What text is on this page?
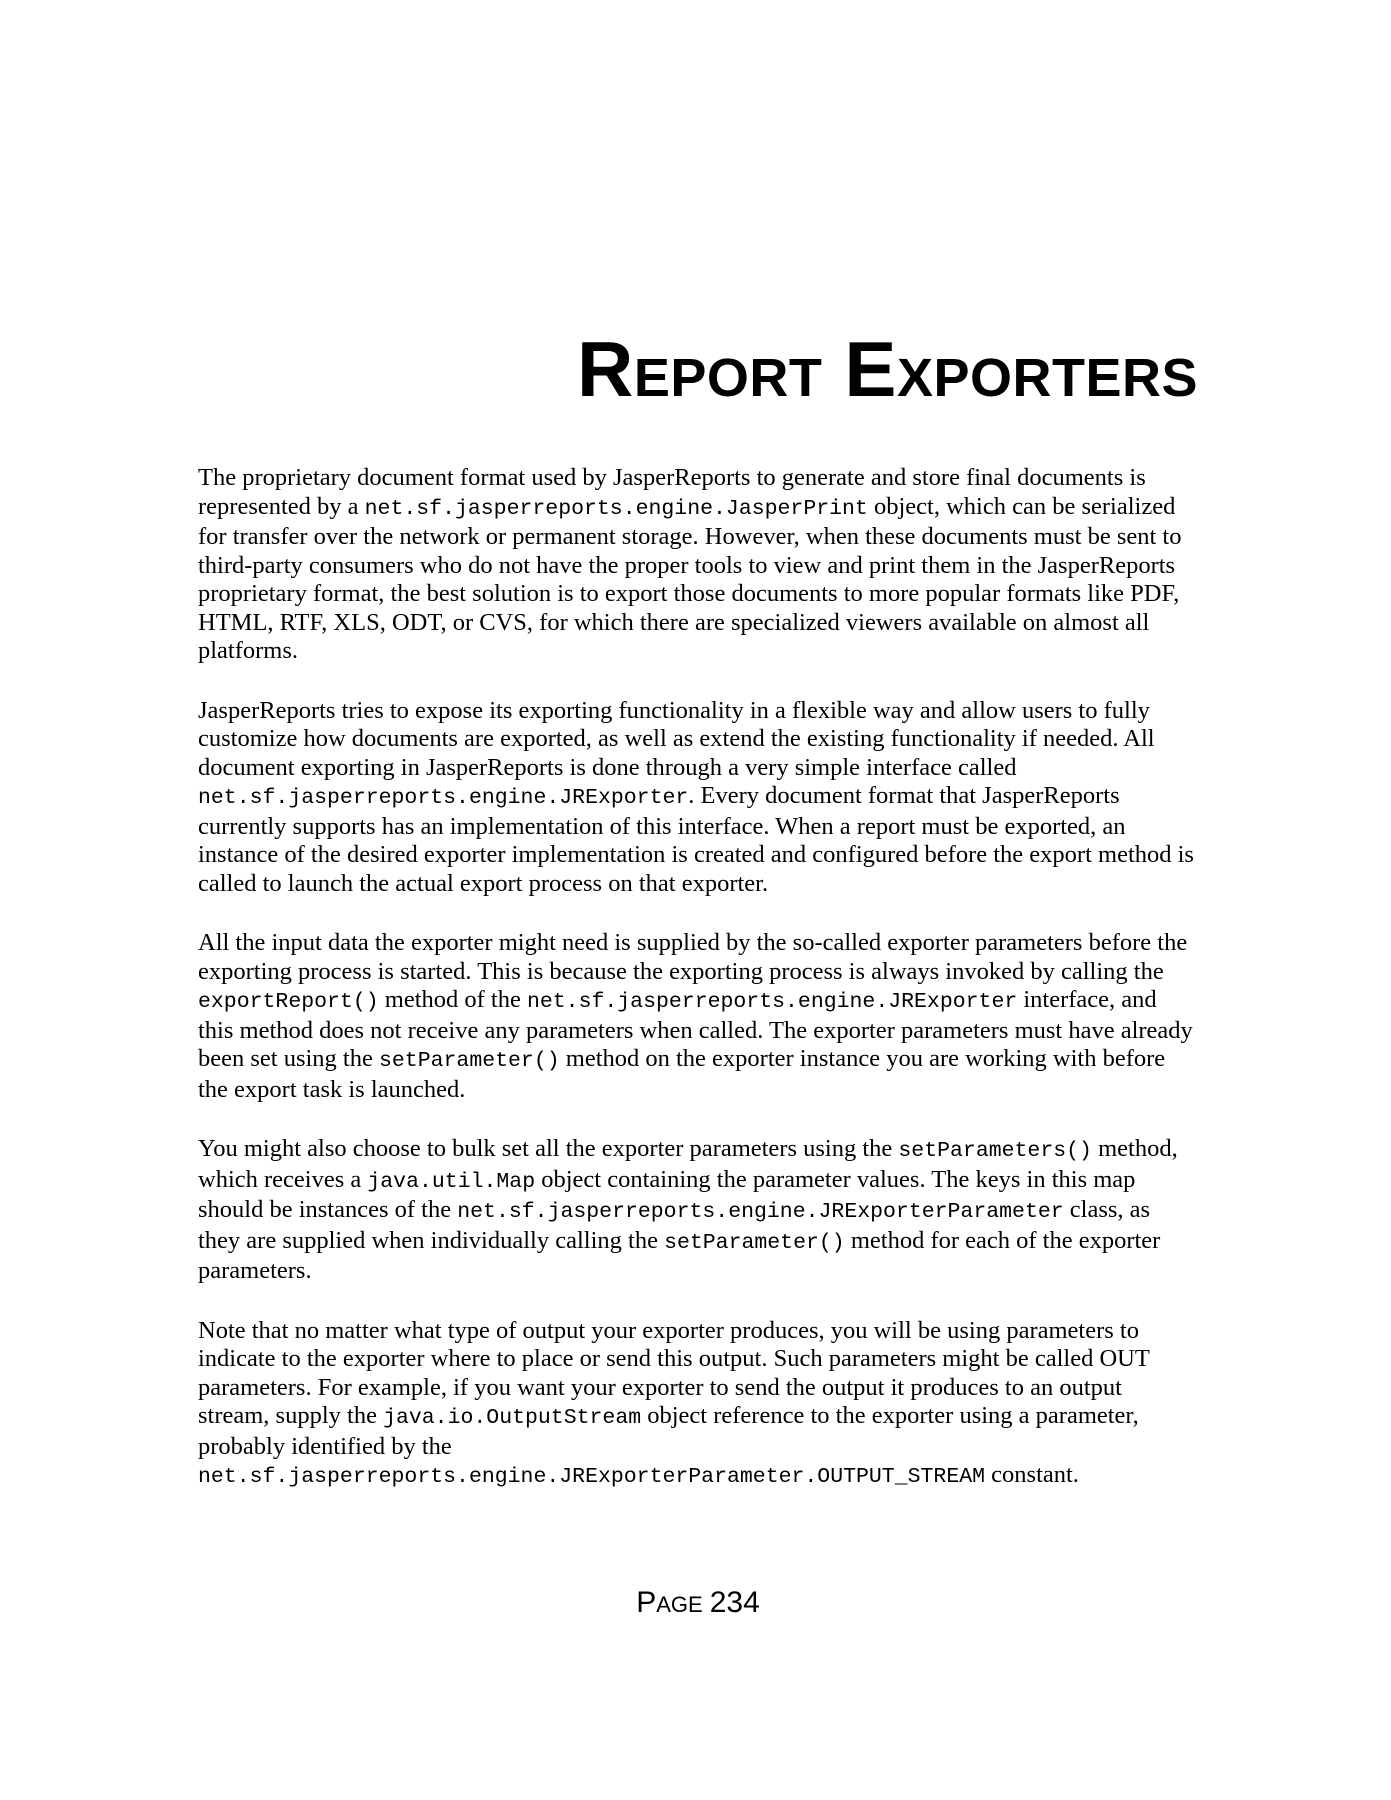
REPORT EXPORTERS

The proprietary document format used by JasperReports to generate and store final documents is represented by a net.sf.jasperreports.engine.JasperPrint object, which can be serialized for transfer over the network or permanent storage. However, when these documents must be sent to third-party consumers who do not have the proper tools to view and print them in the JasperReports proprietary format, the best solution is to export those documents to more popular formats like PDF, HTML, RTF, XLS, ODT, or CVS, for which there are specialized viewers available on almost all platforms.

JasperReports tries to expose its exporting functionality in a flexible way and allow users to fully customize how documents are exported, as well as extend the existing functionality if needed. All document exporting in JasperReports is done through a very simple interface called net.sf.jasperreports.engine.JRExporter. Every document format that JasperReports currently supports has an implementation of this interface. When a report must be exported, an instance of the desired exporter implementation is created and configured before the export method is called to launch the actual export process on that exporter.

All the input data the exporter might need is supplied by the so-called exporter parameters before the exporting process is started. This is because the exporting process is always invoked by calling the exportReport() method of the net.sf.jasperreports.engine.JRExporter interface, and this method does not receive any parameters when called. The exporter parameters must have already been set using the setParameter() method on the exporter instance you are working with before the export task is launched.

You might also choose to bulk set all the exporter parameters using the setParameters() method, which receives a java.util.Map object containing the parameter values. The keys in this map should be instances of the net.sf.jasperreports.engine.JRExporterParameter class, as they are supplied when individually calling the setParameter() method for each of the exporter parameters.

Note that no matter what type of output your exporter produces, you will be using parameters to indicate to the exporter where to place or send this output. Such parameters might be called OUT parameters. For example, if you want your exporter to send the output it produces to an output stream, supply the java.io.OutputStream object reference to the exporter using a parameter, probably identified by the net.sf.jasperreports.engine.JRExporterParameter.OUTPUT_STREAM constant.

PAGE 234
